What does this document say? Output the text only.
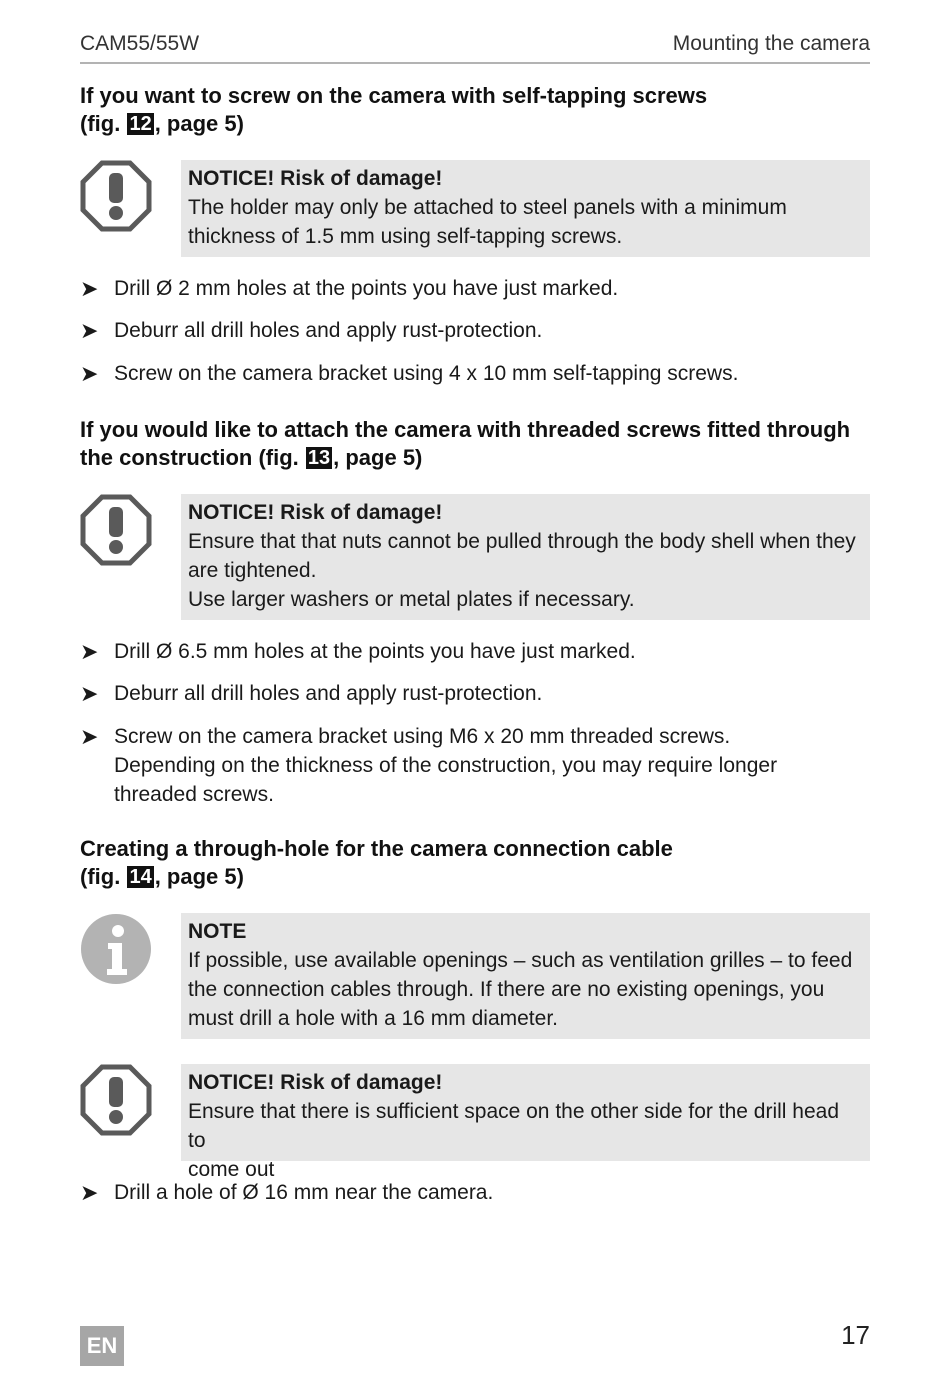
CAM55/55W	Mounting the camera

If you want to screw on the camera with self-tapping screws
(fig. 12 , page 5)

NOTICE! Risk of damage!
The holder may only be attached to steel panels with a minimum
thickness of 1.5 mm using self-tapping screws.
➤ Drill Ø 2 mm holes at the points you have just marked.
➤ Deburr all drill holes and apply rust-protection.
➤ Screw on the camera bracket using 4 x 10 mm self-tapping screws.

If you would like to attach the camera with threaded screws fitted through
the construction (fig. 13 , page 5)

NOTICE! Risk of damage!
Ensure that that nuts cannot be pulled through the body shell when they
are tightened.
Use larger washers or metal plates if necessary.
➤ Drill Ø 6.5 mm holes at the points you have just marked.
➤ Deburr all drill holes and apply rust-protection.
➤ Screw on the camera bracket using M6 x 20 mm threaded screws.
Depending on the thickness of the construction, you may require longer
threaded screws.

Creating a through-hole for the camera connection cable
(fig. 14 , page 5)

NOTE
If possible, use available openings – such as ventilation grilles – to feed
the connection cables through. If there are no existing openings, you
must drill a hole with a 16 mm diameter.
NOTICE! Risk of damage!
Ensure that there is sufficient space on the other side for the drill head to
come out
➤ Drill a hole of Ø 16 mm near the camera.
EN	17
